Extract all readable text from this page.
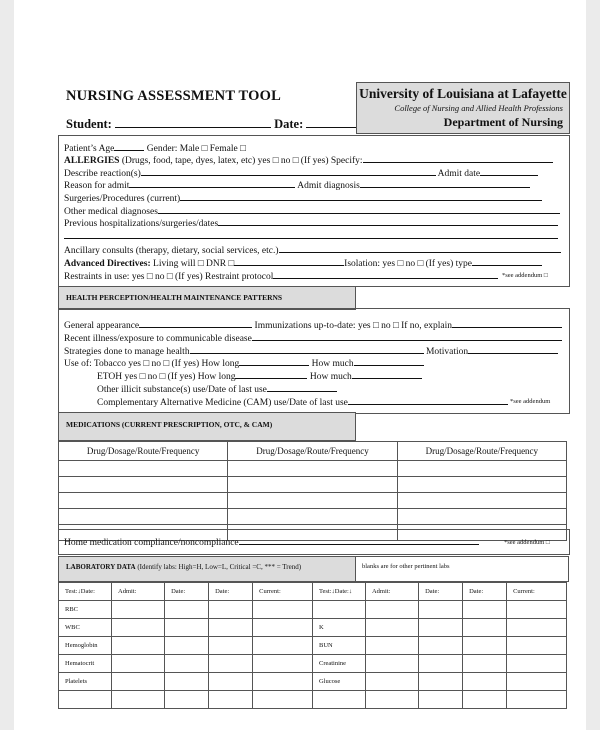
NURSING ASSESSMENT TOOL
Student:	Date:
University of Louisiana at Lafayette
College of Nursing and Allied Health Professions
Department of Nursing
Patient’s Age	Gender: Male □ Female □
ALLERGIES (Drugs, food, tape, dyes, latex, etc) yes □ no □ (If yes) Specify:
Describe reaction(s)	Admit date
Reason for admit	Admit diagnosis
Surgeries/Procedures (current)
Other medical diagnoses
Previous hospitalizations/surgeries/dates
Ancillary consults (therapy, dietary, social services, etc.)
Advanced Directives: Living will □ DNR □	Isolation: yes □ no □ (If yes) type
Restraints in use: yes □ no □ (If yes) Restraint protocol	*see addendum □
HEALTH PERCEPTION/HEALTH MAINTENANCE PATTERNS
General appearance	Immunizations up-to-date: yes □ no □ If no, explain
Recent illness/exposure to communicable disease
Strategies done to manage health	Motivation
Use of: Tobacco yes □ no □ (If yes) How long	How much
ETOH yes □ no □ (If yes) How long	How much
Other illicit substance(s) use/Date of last use
Complementary Alternative Medicine (CAM) use/Date of last use	*see addendum
MEDICATIONS (CURRENT PRESCRIPTION, OTC, & CAM)
Drug/Dosage/Route/Frequency	Drug/Dosage/Route/Frequency	Drug/Dosage/Route/Frequency

Home medication compliance/noncompliance	*see addendum □
LABORATORY DATA (Identify labs: High=H, Low=L, Critical =C, *** = Trend)	blanks are for other pertinent labs
Test:↓Date:	Admit:	Date:	Date:	Current:	Test:↓Date:↓	Admit:	Date:	Date:	Current:
RBC									
WBC					K				
Hemoglobin					BUN				
Hematocrit					Creatinine				
Platelets					Glucose				
